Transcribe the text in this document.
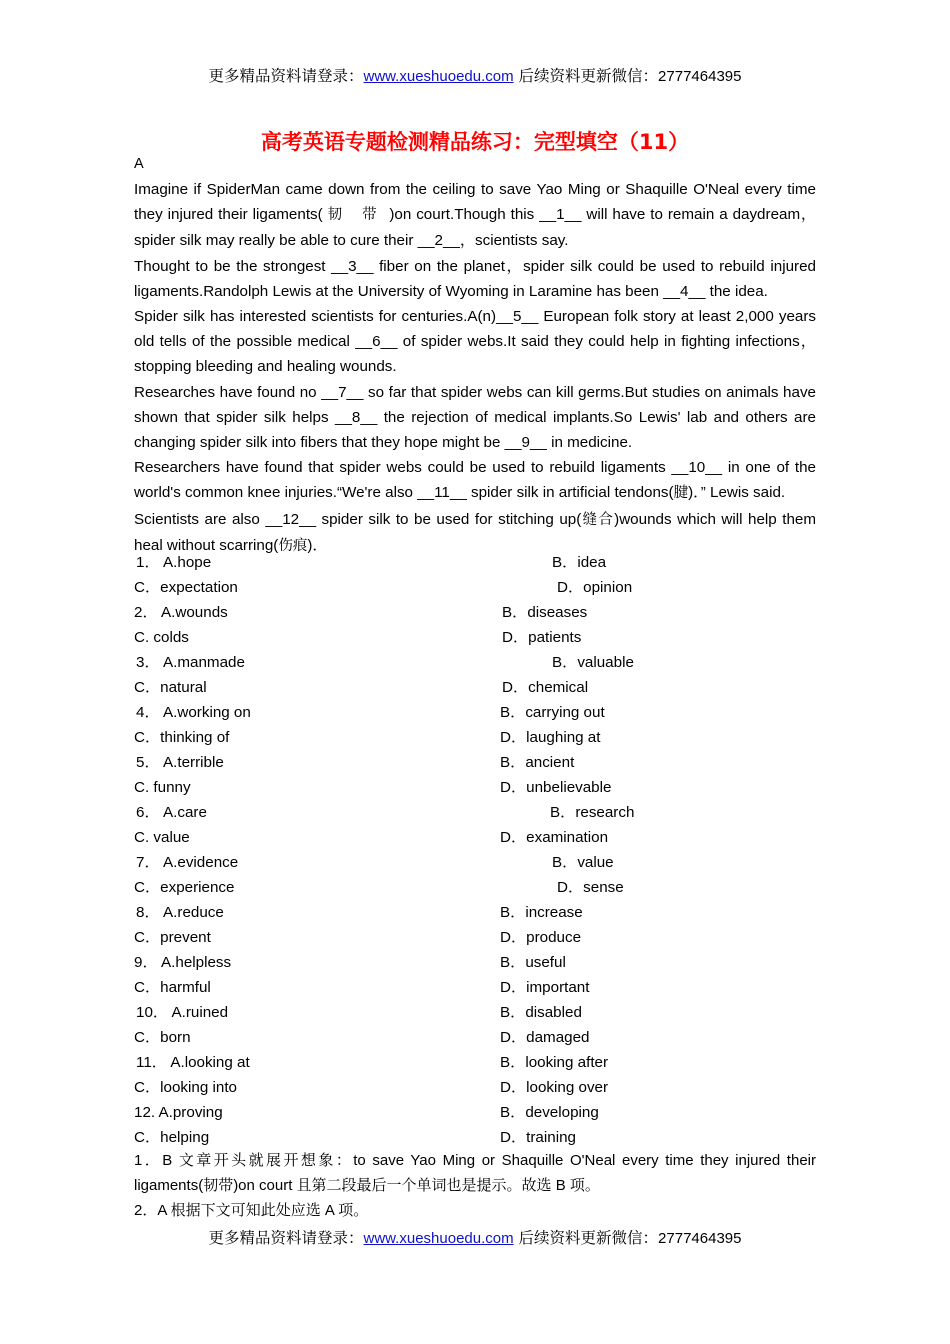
更多精品资料请登录：www.xueshuoedu.com 后续资料更新微信：2777464395
高考英语专题检测精品练习：完型填空（11）
A

Imagine if SpiderMan came down from the ceiling to save Yao Ming or Shaquille O'Neal every time they injured their ligaments( 韧 带 )on court.Though this __1__ will have to remain a daydream，spider silk may really be able to cure their __2__，scientists say.

Thought to be the strongest __3__ fiber on the planet，spider silk could be used to rebuild injured ligaments.Randolph Lewis at the University of Wyoming in Laramine has been __4__ the idea.

Spider silk has interested scientists for centuries.A(n)__5__ European folk story at least 2,000 years old tells of the possible medical __6__ of spider webs.It said they could help in fighting infections，stopping bleeding and healing wounds.

Researches have found no __7__ so far that spider webs can kill germs.But studies on animals have shown that spider silk helps __8__ the rejection of medical implants.So Lewis' lab and others are changing spider silk into fibers that they hope might be __9__ in medicine.

Researchers have found that spider webs could be used to rebuild ligaments __10__ in one of the world's common knee injuries.“We're also __11__ spider silk in artificial tendons(腱)．” Lewis said.

Scientists are also __12__ spider silk to be used for stitching up(缝合)wounds which will help them heal without scarring(伤痕)．

1． A.hope	B．idea
C．expectation	D．opinion
2． A.wounds	B．diseases
C. colds	D．patients
3． A.manmade	B．valuable
C．natural	D．chemical
4． A.working on	B．carrying out
C．thinking of	D．laughing at
5． A.terrible	B．ancient
C. funny	D．unbelievable
6． A.care	B．research
C. value	D．examination
7． A.evidence	B．value
C．experience	D．sense
8． A.reduce	B．increase
C．prevent	D．produce
9． A.helpless	B．useful
C．harmful	D．important
10． A.ruined	B．disabled
C．born	D．damaged
11． A.looking at	B．looking after
C．looking into	D．looking over
12. A.proving	B．developing
C．helping	D．training

1．B 文章开头就展开想象：to save Yao Ming or Shaquille O'Neal every time they injured their ligaments(韧带)on court 且第二段最后一个单词也是提示。故选 B 项。

2．A 根据下文可知此处应选 A 项。

更多精品资料请登录：www.xueshuoedu.com 后续资料更新微信：2777464395
